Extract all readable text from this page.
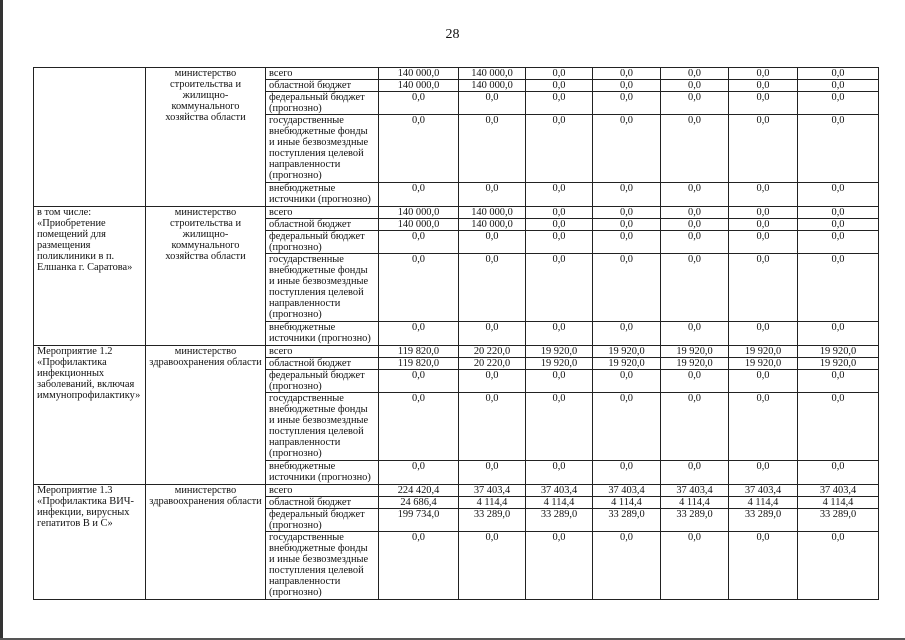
28
	министерство строительства и жилищно-коммунального хозяйства области	всего	140 000,0	140 000,0	0,0	0,0	0,0	0,0	0,0
		областной бюджет	140 000,0	140 000,0	0,0	0,0	0,0	0,0	0,0
		федеральный бюджет (прогнозно)	0,0	0,0	0,0	0,0	0,0	0,0	0,0
		государственные внебюджетные фонды и иные безвозмездные поступления целевой направленности (прогнозно)	0,0	0,0	0,0	0,0	0,0	0,0	0,0
		внебюджетные источники (прогнозно)	0,0	0,0	0,0	0,0	0,0	0,0	0,0
в том числе: «Приобретение помещений для размещения поликлиники в п. Елшанка г. Саратова»	министерство строительства и жилищно-коммунального хозяйства области	всего	140 000,0	140 000,0	0,0	0,0	0,0	0,0	0,0
		областной бюджет	140 000,0	140 000,0	0,0	0,0	0,0	0,0	0,0
		федеральный бюджет (прогнозно)	0,0	0,0	0,0	0,0	0,0	0,0	0,0
		государственные внебюджетные фонды и иные безвозмездные поступления целевой направленности (прогнозно)	0,0	0,0	0,0	0,0	0,0	0,0	0,0
		внебюджетные источники (прогнозно)	0,0	0,0	0,0	0,0	0,0	0,0	0,0
Мероприятие 1.2 «Профилактика инфекционных заболеваний, включая иммунопрофилактику»	министерство здравоохранения области	всего	119 820,0	20 220,0	19 920,0	19 920,0	19 920,0	19 920,0	19 920,0
		областной бюджет	119 820,0	20 220,0	19 920,0	19 920,0	19 920,0	19 920,0	19 920,0
		федеральный бюджет (прогнозно)	0,0	0,0	0,0	0,0	0,0	0,0	0,0
		государственные внебюджетные фонды и иные безвозмездные поступления целевой направленности (прогнозно)	0,0	0,0	0,0	0,0	0,0	0,0	0,0
		внебюджетные источники (прогнозно)	0,0	0,0	0,0	0,0	0,0	0,0	0,0
Мероприятие 1.3 «Профилактика ВИЧ-инфекции, вирусных гепатитов В и С»	министерство здравоохранения области	всего	224 420,4	37 403,4	37 403,4	37 403,4	37 403,4	37 403,4	37 403,4
		областной бюджет	24 686,4	4 114,4	4 114,4	4 114,4	4 114,4	4 114,4	4 114,4
		федеральный бюджет (прогнозно)	199 734,0	33 289,0	33 289,0	33 289,0	33 289,0	33 289,0	33 289,0
		государственные внебюджетные фонды и иные безвозмездные поступления целевой направленности (прогнозно)	0,0	0,0	0,0	0,0	0,0	0,0	0,0
